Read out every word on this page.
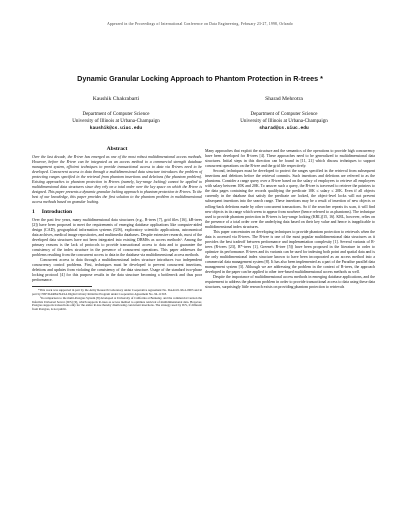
Appeared in the Proceedings of International Conference on Data Engineering, February 23-27, 1998, Orlando
Dynamic Granular Locking Approach to Phantom Protection in R-trees *
Kaushik Chakrabarti
Department of Computer Science
University of Illinois at Urbana-Champaign
kaushik@cs.uiuc.edu
Sharad Mehrotra
Department of Computer Science
University of Illinois at Urbana-Champaign
sharad@cs.uiuc.edu
Abstract

Over the last decade, the R-tree has emerged as one of the most robust multidimensional access methods. However, before the R-tree can be integrated as an access method to a commercial strength database management system, efficient techniques to provide transactional access to data via R-trees need to be developed. Concurrent access to data through a multidimensional data structure introduces the problem of protecting ranges specified in the retrieval from phantom insertions and deletions (the phantom problem). Existing approaches to phantom protection in B-trees (namely, key-range locking) cannot be applied to multidimensional data structures since they rely on a total order over the key space on which the B-tree is designed. This paper presents a dynamic granular locking approach to phantom protection in R-trees. To the best of our knowledge, this paper provides the first solution to the phantom problem in multidimensional access methods based on granular locking.

1 Introduction

Over the past few years, many multidimensional data structures (e.g., R-trees [7], grid files [16], kB-trees [2]) have been proposed to meet the requirements of emerging database applications like computer-aided design (CAD), geographical information systems (GIS), exploratory scientific applications, astronomical data archives, medical image repositories, and multimedia databases. Despite extensive research, most of the developed data structures have not been integrated into existing DBMSs as access methods¹. Among the primary reasons is the lack of protocols to provide transactional access to data and to guarantee the consistency of the index structure in the presence of concurrent operations. This paper addresses the problems resulting from the concurrent access to data in the database via multidimensional access methods.

Concurrent access to data through a multidimensional index structure introduces two independent concurrency control problems. First, techniques must be developed to prevent concurrent insertions, deletions and updates from violating the consistency of the data structure. Usage of the standard two-phase locking protocol [4] for this purpose results in the data structure becoming a bottleneck and thus poor performance.

*This work was supported in part by the Army Research Laboratory under Cooperative Agreement No. DAAL01-96-2-0003 and in part by NSF/DARPA/NASA Digital Library Initiative Program under Cooperative Agreement No. 94-11318.

¹In comparison to the multi-Postgres System [8] developed at University of California at Berkeley, and the commercial version the Informix Universal Server (IUS) [9], which supports R-trees as access method to optimize retrieval of multidimensional data. However, Postgres supports transactions only for the entire R-tree thereby disallowing concurrent insertions. The strategy used by IUS, if different from Postgres, is not public.

Many approaches that exploit the structure and the semantics of the operations to provide high concurrency have been developed for B-trees [4]. These approaches need to be generalized to multidimensional data structures. Initial steps in this direction can be found in [11, 21] which discuss techniques to support concurrent operations on the R-tree and the grid file respectively.

Second, techniques must be developed to protect the ranges specified in the retrieval from subsequent insertions and deletions before the retrieval commits. Such insertions and deletions are referred to as the phantoms. Consider a range query over a B-tree based on the salary of employees to retrieve all employees with salary between 10K and 20K. To answer such a query, the B-tree is traversed to retrieve the pointers to the data pages containing the records qualifying the predicate 10K ≤ salary ≤ 20K. Even if all objects currently in the database that satisfy the predicate are locked, the object-level locks will not prevent subsequent insertions into the search range. These insertions may be a result of insertion of new objects or rolling-back deletions made by other concurrent transactions. So if the searcher repeats its scan, it will find new objects in its range which seem to appear from nowhere (hence referred to as phantoms). The technique used to provide phantom protection in B-trees is key-range locking (KRL)[15, 16]. KRL, however, relies on the presence of a total order over the underlying data based on their key value and hence is inapplicable to multidimensional index structures.

This paper concentrates on developing techniques to provide phantom protection to retrievals when the data is accessed via R-trees. The R-tree is one of the most popular multidimensional data structures as it provides the best tradeoff between performance and implementation complexity [1]. Several variants of R-trees (R-trees [23], R*-trees [1], Greene's R-tree [5]) have been proposed in the literature in order to optimize its performance. R-trees and its variants can be used for indexing both point and spatial data and is the only multidimensional index structure known to have been incorporated as an access method into a commercial data management system [8]. It has also been implemented as a part of the Paradise parallel data management system [3]. Although we are addressing the problem in the context of R-trees, the approach developed in the paper can be applied to other tree-based multidimensional access methods as well.

Despite the importance of multidimensional access methods in emerging database applications, and the requirement to address the phantom problem in order to provide transactional access to data using these data structures, surprisingly little research exists on providing phantom protection to retrievals
